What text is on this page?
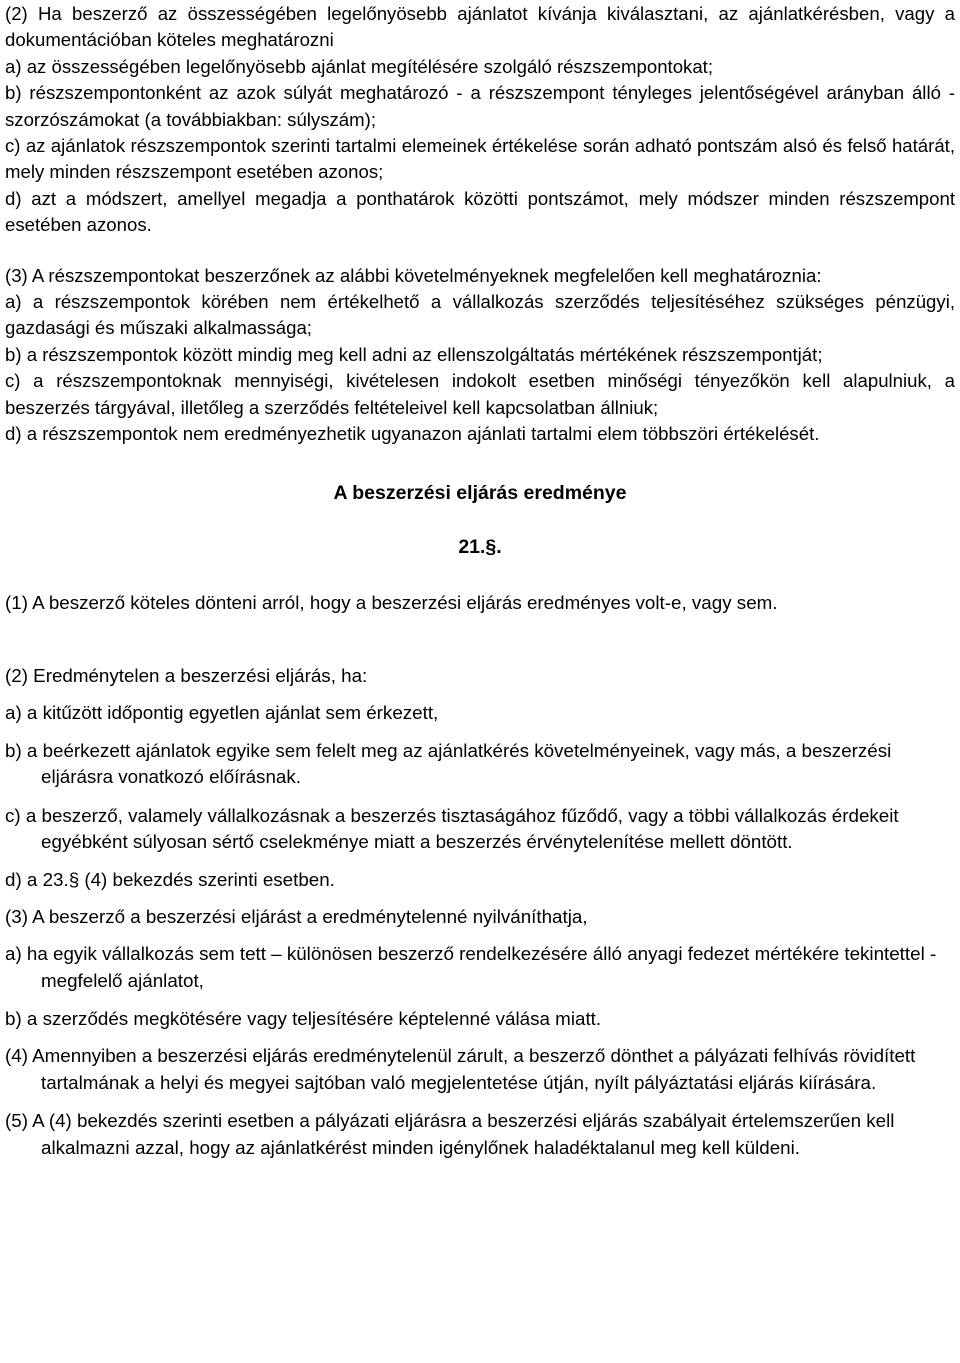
(2) Ha beszerző az összességében legelőnyösebb ajánlatot kívánja kiválasztani, az ajánlatkérésben, vagy a dokumentációban köteles meghatározni

a) az összességében legelőnyösebb ajánlat megítélésére szolgáló részszempontokat;

b) részszempontonként az azok súlyát meghatározó - a részszempont tényleges jelentőségével arányban álló - szorzószámokat (a továbbiakban: súlyszám);

c) az ajánlatok részszempontok szerinti tartalmi elemeinek értékelése során adható pontszám alsó és felső határát, mely minden részszempont esetében azonos;

d) azt a módszert, amellyel megadja a ponthatárok közötti pontszámot, mely módszer minden részszempont esetében azonos.

(3) A részszempontokat beszerzőnek az alábbi követelményeknek megfelelően kell meghatároznia:

a) a részszempontok körében nem értékelhető a vállalkozás szerződés teljesítéséhez szükséges pénzügyi, gazdasági és műszaki alkalmassága;

b) a részszempontok között mindig meg kell adni az ellenszolgáltatás mértékének részszempontját;

c) a részszempontoknak mennyiségi, kivételesen indokolt esetben minőségi tényezőkön kell alapulniuk, a beszerzés tárgyával, illetőleg a szerződés feltételeivel kell kapcsolatban állniuk;

d) a részszempontok nem eredményezhetik ugyanazon ajánlati tartalmi elem többszöri értékelését.

A beszerzési eljárás eredménye

21.§.

(1) A beszerző köteles dönteni arról, hogy a beszerzési eljárás eredményes volt-e, vagy sem.

(2) Eredménytelen a beszerzési eljárás, ha:

a) a kitűzött időpontig egyetlen ajánlat sem érkezett,

b) a beérkezett ajánlatok egyike sem felelt meg az ajánlatkérés követelményeinek, vagy más, a beszerzési eljárásra vonatkozó előírásnak.

c) a beszerző, valamely vállalkozásnak a beszerzés tisztaságához fűződő, vagy a többi vállalkozás érdekeit egyébként súlyosan sértő cselekménye miatt a beszerzés érvénytelenítése mellett döntött.

d) a 23.§ (4) bekezdés szerinti esetben.

(3) A beszerző a beszerzési eljárást a eredménytelenné nyilváníthatja,

a) ha egyik vállalkozás sem tett – különösen beszerző rendelkezésére álló anyagi fedezet mértékére tekintettel - megfelelő ajánlatot,

b) a szerződés megkötésére vagy teljesítésére képtelenné válása miatt.

(4) Amennyiben a beszerzési eljárás eredménytelenül zárult, a beszerző dönthet a pályázati felhívás rövidített tartalmának a helyi és megyei sajtóban való megjelentetése útján, nyílt pályáztatási eljárás kiírására.

(5) A (4) bekezdés szerinti esetben a pályázati eljárásra a beszerzési eljárás szabályait értelemszerűen kell alkalmazni azzal, hogy az ajánlatkérést minden igénylőnek haladéktalanul meg kell küldeni.
